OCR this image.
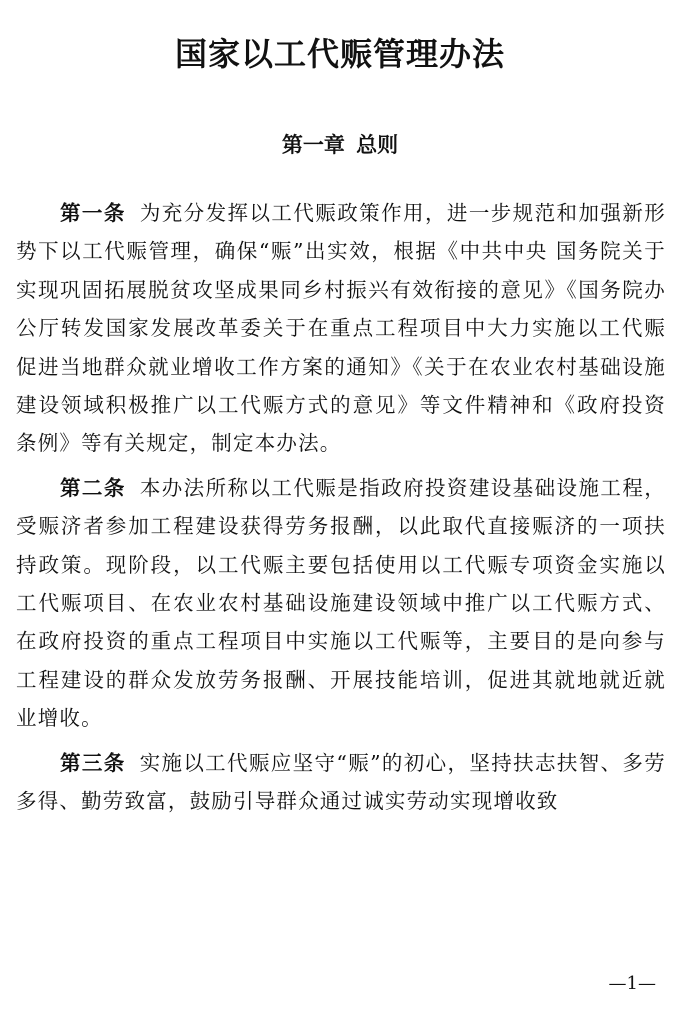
国家以工代赈管理办法
第一章 总则

第一条 为充分发挥以工代赈政策作用，进一步规范和加强新形势下以工代赈管理，确保“赈”出实效，根据《中共中央 国务院关于实现巩固拓展脱贫攻坚成果同乡村振兴有效衔接的意见》《国务院办公厅转发国家发展改革委关于在重点工程项目中大力实施以工代赈促进当地群众就业增收工作方案的通知》《关于在农业农村基础设施建设领域积极推广以工代赈方式的意见》等文件精神和《政府投资条例》等有关规定，制定本办法。

第二条 本办法所称以工代赈是指政府投资建设基础设施工程，受赈济者参加工程建设获得劳务报酬，以此取代直接赈济的一项扶持政策。现阶段，以工代赈主要包括使用以工代赈专项资金实施以工代赈项目、在农业农村基础设施建设领域中推广以工代赈方式、在政府投资的重点工程项目中实施以工代赈等，主要目的是向参与工程建设的群众发放劳务报酬、开展技能培训，促进其就地就近就业增收。

第三条 实施以工代赈应坚守“赈”的初心，坚持扶志扶智、多劳多得、勤劳致富，鼓励引导群众通过诚实劳动实现增收致

—1—
